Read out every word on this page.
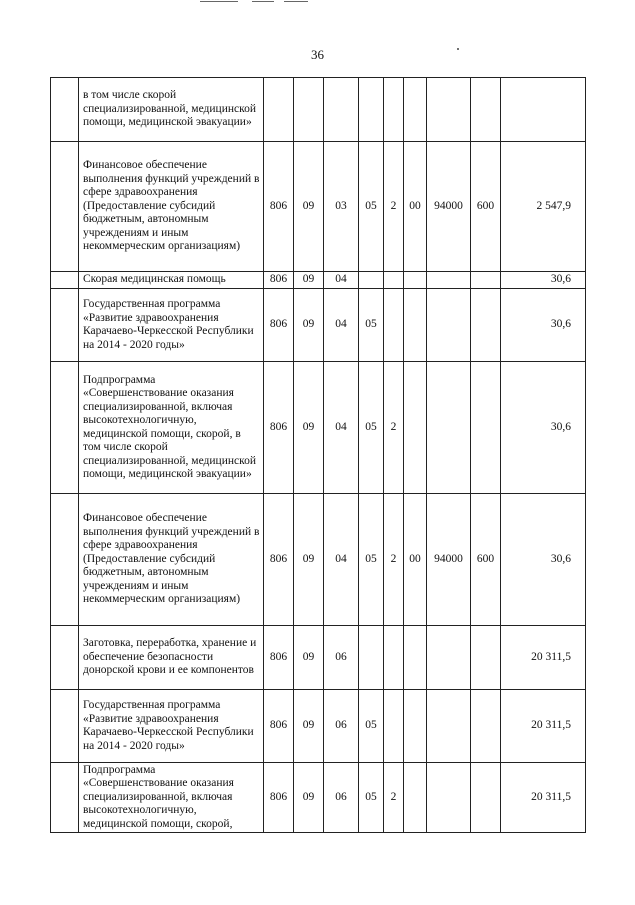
36
	в том числе скорой специализированной, медицинской помощи, медицинской эвакуации»									
	Финансовое обеспечение выполнения функций учреждений в сфере здравоохранения (Предоставление субсидий бюджетным, автономным учреждениям и иным некоммерческим организациям)	806	09	03	05	2	00	94000	600	2 547,9
	Скорая медицинская помощь	806	09	04						30,6
	Государственная программа «Развитие здравоохранения Карачаево-Черкесской Республики на 2014 - 2020 годы»	806	09	04	05					30,6
	Подпрограмма «Совершенствование оказания специализированной, включая высокотехнологичную, медицинской помощи, скорой, в том числе скорой специализированной, медицинской помощи, медицинской эвакуации»	806	09	04	05	2				30,6
	Финансовое обеспечение выполнения функций учреждений в сфере здравоохранения (Предоставление субсидий бюджетным, автономным учреждениям и иным некоммерческим организациям)	806	09	04	05	2	00	94000	600	30,6
	Заготовка, переработка, хранение и обеспечение безопасности донорской крови и ее компонентов	806	09	06						20 311,5
	Государственная программа «Развитие здравоохранения Карачаево-Черкесской Республики на 2014 - 2020 годы»	806	09	06	05					20 311,5
	Подпрограмма «Совершенствование оказания специализированной, включая высокотехнологичную, медицинской помощи, скорой,	806	09	06	05	2				20 311,5
